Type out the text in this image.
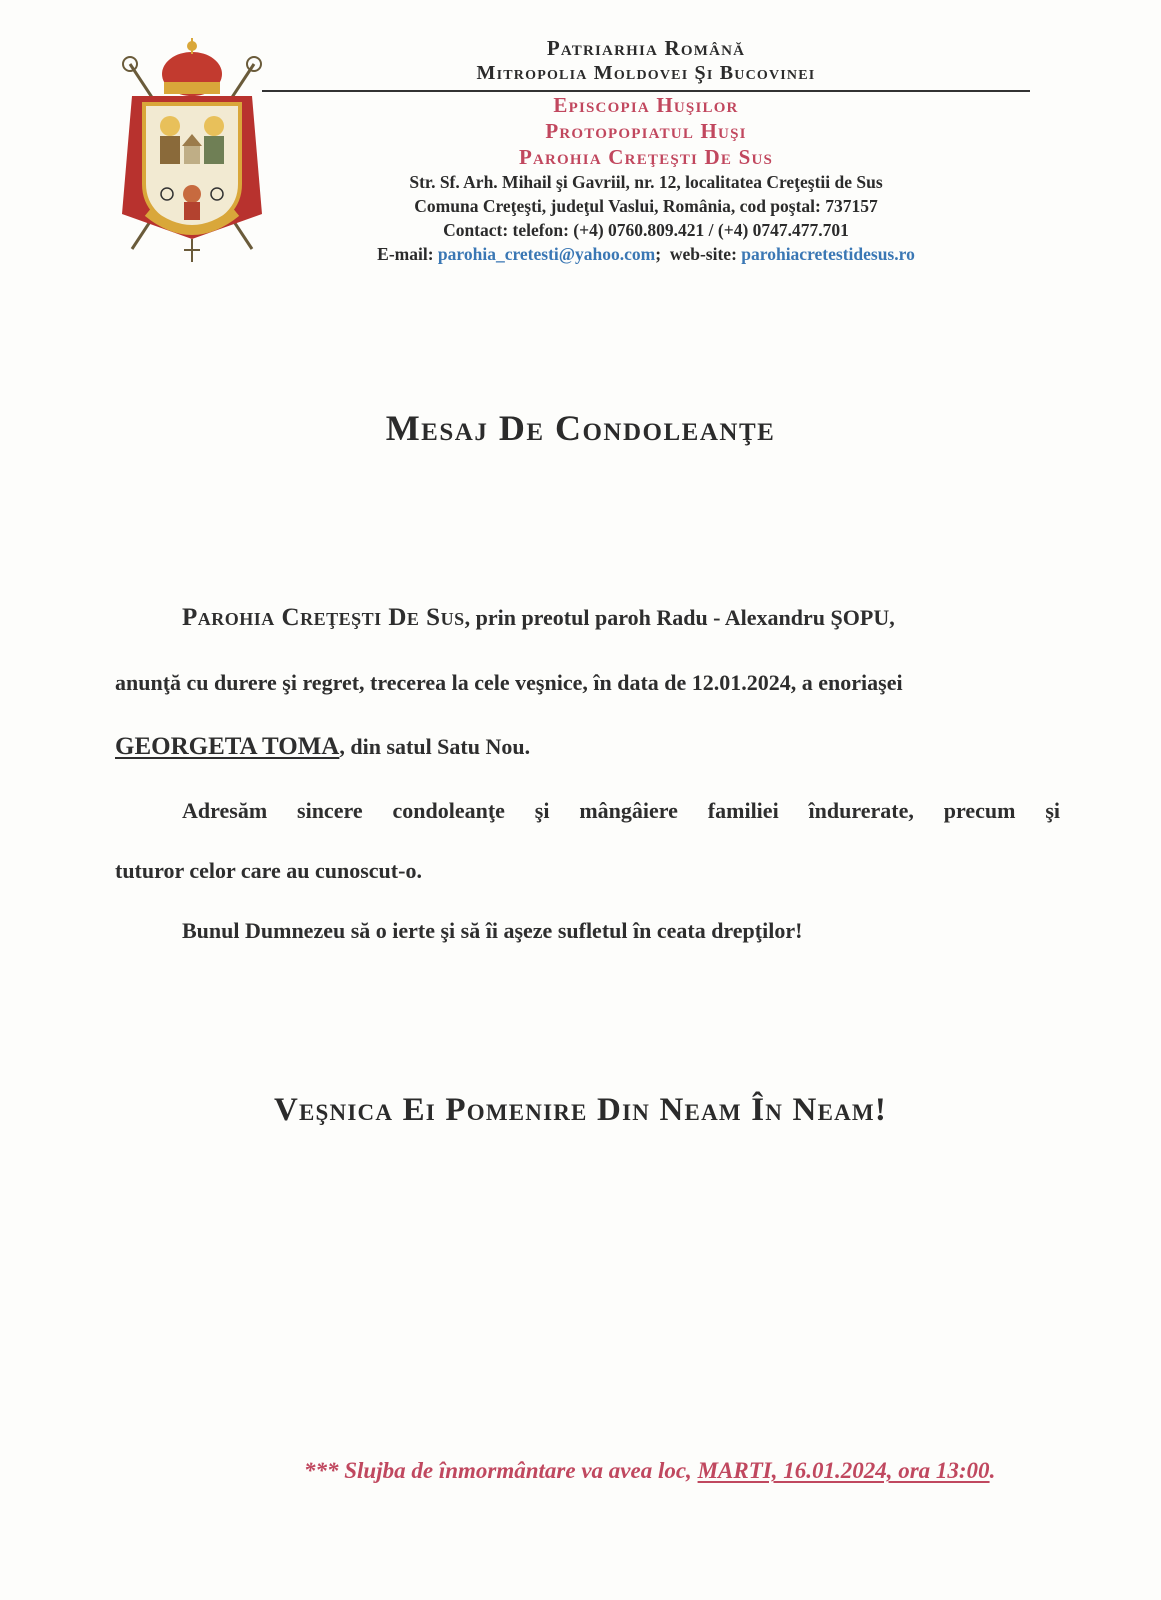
Patriarhia Română
Mitropolia Moldovei Şi Bucovinei
Episcopia Huşilor
Protopopiatul Huşi
Parohia Creţeşti De Sus
Str. Sf. Arh. Mihail şi Gavriil, nr. 12, localitatea Creţeştii de Sus
Comuna Creţeşti, judeţul Vaslui, România, cod poştal: 737157
Contact: telefon: (+4) 0760.809.421 / (+4) 0747.477.701
E-mail: parohia_cretesti@yahoo.com;  web-site: parohiacretestidesus.ro
Mesaj De Condoleanţe
Parohia Creţeşti De Sus, prin preotul paroh Radu - Alexandru ŞOPU,
anunţă cu durere şi regret, trecerea la cele veşnice, în data de 12.01.2024, a enoriaşei
GEORGETA TOMA, din satul Satu Nou.
Adresăm sincere condoleanţe şi mângâiere familiei îndurerate, precum şi
tuturor celor care au cunoscut-o.
Bunul Dumnezeu să o ierte şi să îi aşeze sufletul în ceata drepţilor!
Veşnica Ei Pomenire Din Neam În Neam!
*** Slujba de înmormântare va avea loc, MARTI, 16.01.2024, ora 13:00.
